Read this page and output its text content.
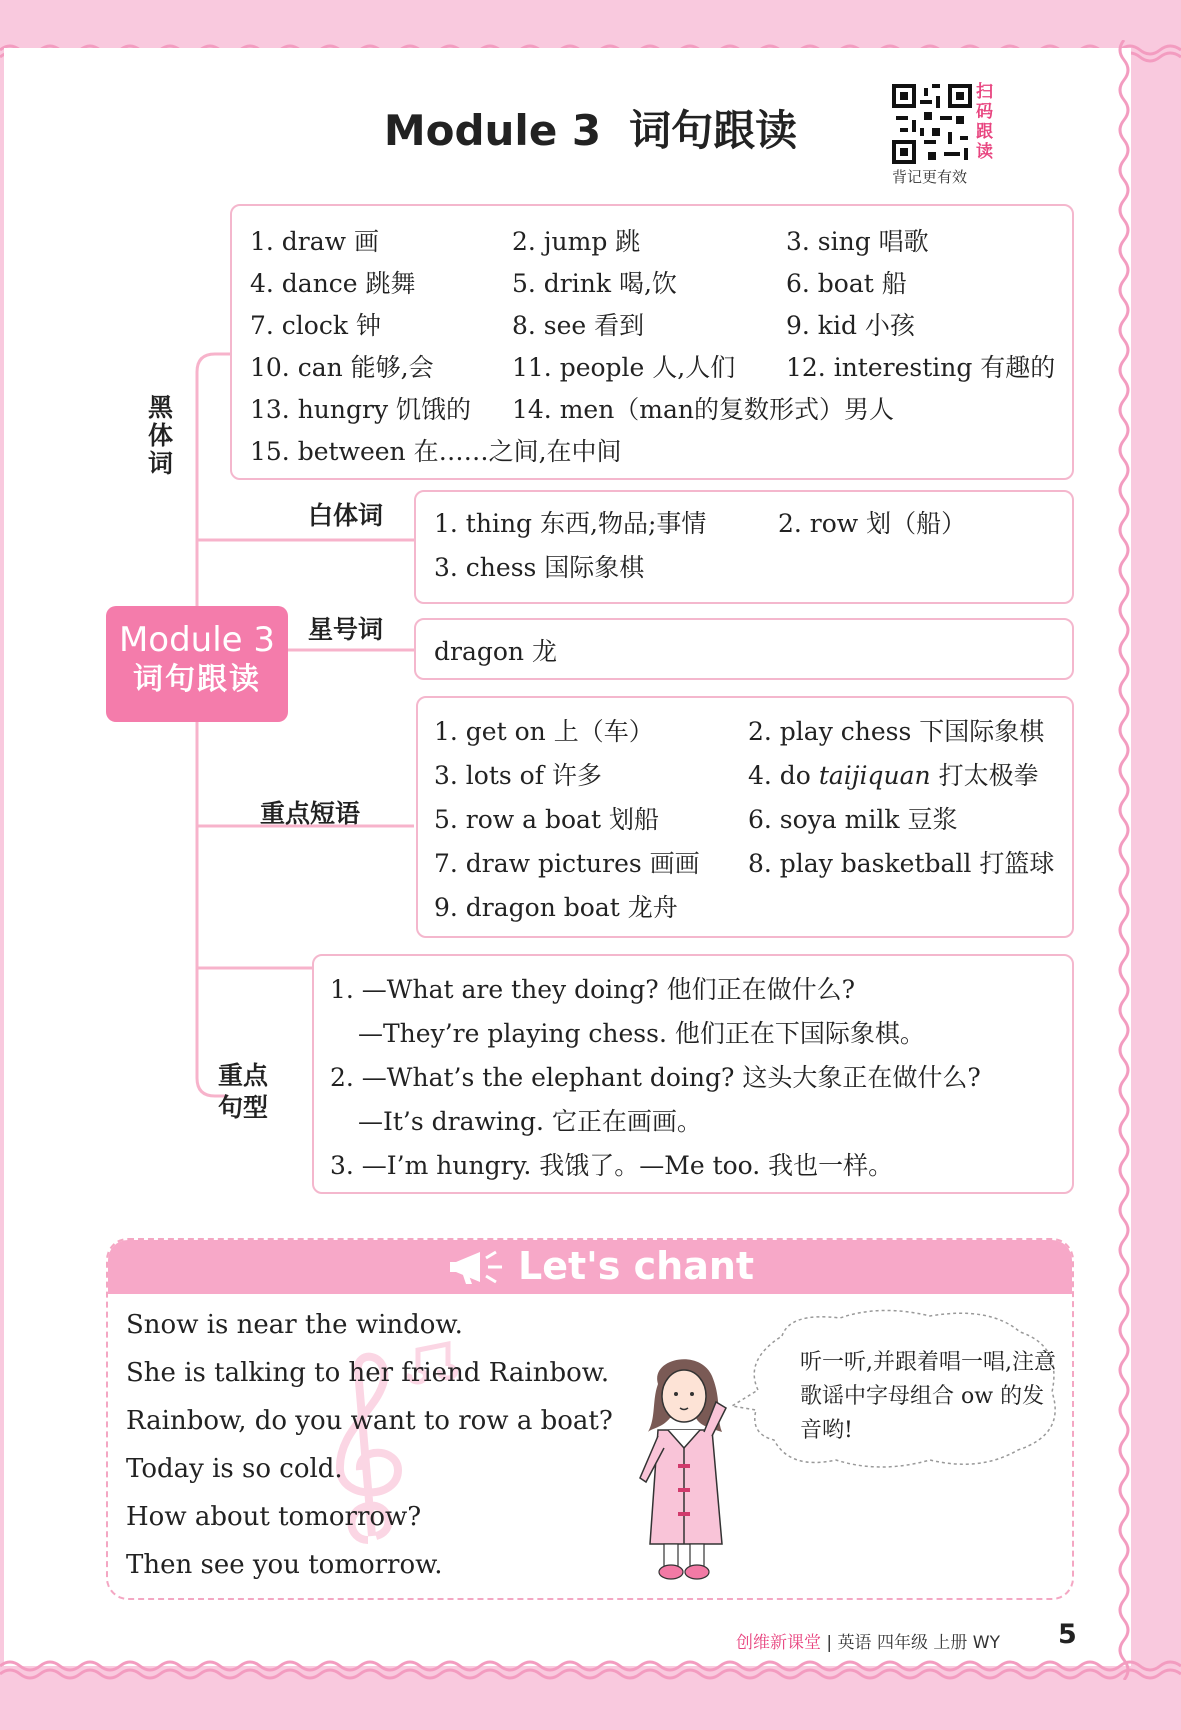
Module 3 词句跟读
扫码跟读
背记更有效
黑体词
1. draw 画	2. jump 跳	3. sing 唱歌
4. dance 跳舞	5. drink 喝,饮	6. boat 船
7. clock 钟	8. see 看到	9. kid 小孩
10. can 能够,会	11. people 人,人们 12. interesting 有趣的
13. hungry 饥饿的 14. men（man的复数形式）男人
15. between 在……之间,在中间
白体词 1. thing 东西,物品;事情	2. row 划（船）
3. chess 国际象棋
星号词
dragon 龙
Module 3
词句跟读
重点短语
1. get on 上（车）	2. play chess 下国际象棋
3. lots of 许多	4. do taijiquan 打太极拳
5. row a boat 划船	6. soya milk 豆浆
7. draw pictures 画画 8. play basketball 打篮球
9. dragon boat 龙舟
重点
句型
1. —What are they doing? 他们正在做什么?
—They’re playing chess. 他们正在下国际象棋。
2. —What’s the elephant doing? 这头大象正在做什么?
—It’s drawing. 它正在画画。
3. —I’m hungry. 我饿了。—Me too. 我也一样。
Let's chant
Snow is near the window.
She is talking to her friend Rainbow.
Rainbow, do you want to row a boat?
Today is so cold.
How about tomorrow?
Then see you tomorrow.
听一听,并跟着唱一唱,注意歌谣中字母组合 ow 的发音哟!
创维新课堂 | 英语 四年级 上册 WY 5
